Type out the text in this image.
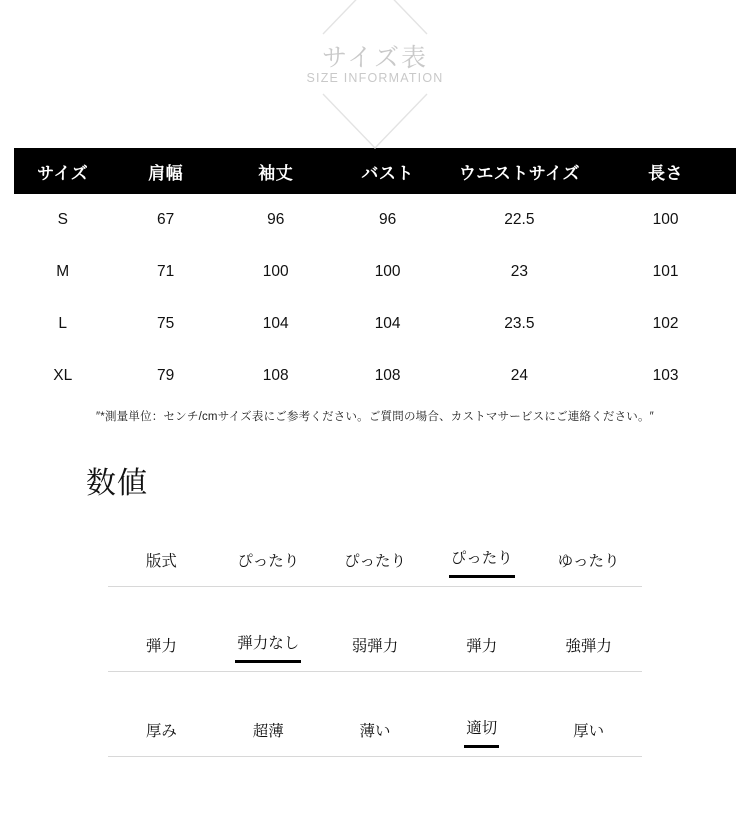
サイズ表
SIZE INFORMATION
サイズ	肩幅	袖丈	バスト	ウエストサイズ	長さ
S	67	96	96	22.5	100
M	71	100	100	23	101
L	75	104	104	23.5	102
XL	79	108	108	24	103
″*測量単位：センチ/cmサイズ表にご参考ください。ご質問の場合、カストマサービスにご連絡ください。″
数値
版式	ぴったり	ぴったり	ぴったり	ゆったり
弾力	弾力なし	弱弾力	弾力	強弾力
厚み	超薄	薄い	適切	厚い
